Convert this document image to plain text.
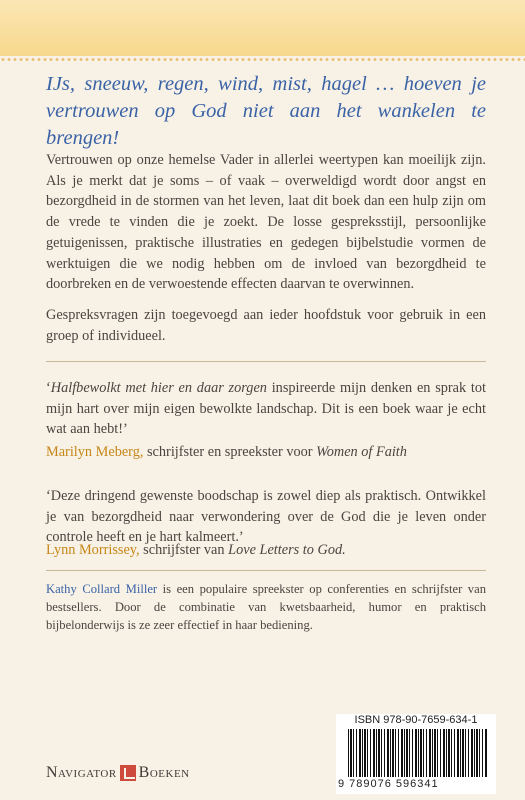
IJs, sneeuw, regen, wind, mist, hagel … hoeven je vertrouwen op God niet aan het wankelen te brengen!

Vertrouwen op onze hemelse Vader in allerlei weertypen kan moeilijk zijn. Als je merkt dat je soms – of vaak – overweldigd wordt door angst en bezorgdheid in de stormen van het leven, laat dit boek dan een hulp zijn om de vrede te vinden die je zoekt. De losse gespreksstijl, persoonlijke getuigenissen, praktische illustraties en gedegen bijbelstudie vormen de werktuigen die we nodig hebben om de invloed van bezorgdheid te doorbreken en de verwoestende effecten daarvan te overwinnen.

Gespreksvragen zijn toegevoegd aan ieder hoofdstuk voor gebruik in een groep of individueel.

‘Halfbewolkt met hier en daar zorgen inspireerde mijn denken en sprak tot mijn hart over mijn eigen bewolkte landschap. Dit is een boek waar je echt wat aan hebt!’

Marilyn Meberg, schrijfster en spreekster voor Women of Faith

‘Deze dringend gewenste boodschap is zowel diep als praktisch. Ontwikkel je van bezorgdheid naar verwondering over de God die je leven onder controle heeft en je hart kalmeert.’

Lynn Morrissey, schrijfster van Love Letters to God.

Kathy Collard Miller is een populaire spreekster op conferenties en schrijfster van bestsellers. Door de combinatie van kwetsbaarheid, humor en praktisch bijbelonderwijs is ze zeer effectief in haar bediening.

Navigator Boeken
ISBN 978-90-7659-634-1
9 789076 596341
